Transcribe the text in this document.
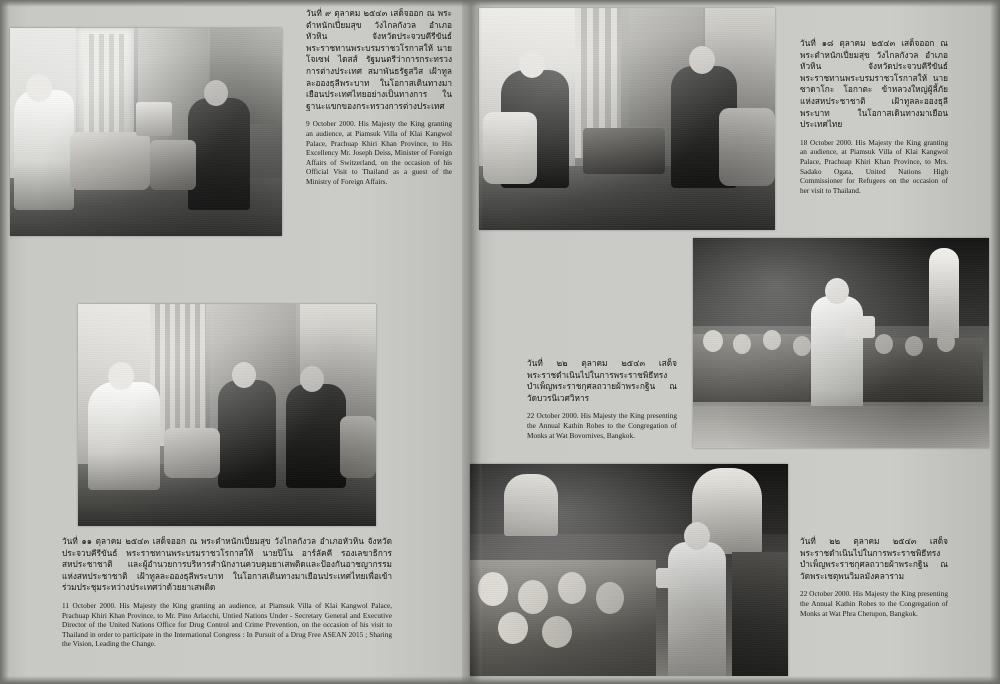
วันที่ ๙ ตุลาคม ๒๕๔๓ เสด็จออก ณ พระตำหนักเปี่ยมสุข วังไกลกังวล อำเภอหัวหิน จังหวัดประจวบคีรีขันธ์ พระราชทานพระบรมราชวโรกาสให้ นายโจเซฟ ไดสส์ รัฐมนตรีว่าการกระทรวงการต่างประเทศ สมาพันธรัฐสวิส เฝ้าทูลละอองธุลีพระบาท ในโอกาสเดินทางมาเยือนประเทศไทยอย่างเป็นทางการ ในฐานะแขกของกระทรวงการต่างประเทศ
9 October 2000. His Majesty the King granting an audience, at Piamsuk Villa of Klai Kangwol Palace, Prachuap Khiri Khan Province, to His Excellency Mr. Joseph Deiss, Minister of Foreign Affairs of Switzerland, on the occasion of his Official Visit to Thailand as a guest of the Ministry of Foreign Affairs.
วันที่ ๑๘ ตุลาคม ๒๕๔๓ เสด็จออก ณ พระตำหนักเปี่ยมสุข วังไกลกังวล อำเภอหัวหิน จังหวัดประจวบคีรีขันธ์ พระราชทานพระบรมราชวโรกาสให้ นายซาดาโกะ โอกาตะ ข้าหลวงใหญ่ผู้ลี้ภัยแห่งสหประชาชาติ เฝ้าทูลละอองธุลีพระบาท ในโอกาสเดินทางมาเยือนประเทศไทย
18 October 2000. His Majesty the King granting an audience, at Piamsuk Villa of Klai Kangwol Palace, Prachuap Khiri Khan Province, to Mrs. Sadako Ogata, United Nations High Commissioner for Refugees on the occasion of her visit to Thailand.
วันที่ ๑๑ ตุลาคม ๒๕๔๓ เสด็จออก ณ พระตำหนักเปี่ยมสุข วังไกลกังวล อำเภอหัวหิน จังหวัดประจวบคีรีขันธ์ พระราชทานพระบรมราชวโรกาสให้ นายปิโน อาร์ลัคคี รองเลขาธิการสหประชาชาติ และผู้อำนวยการบริหารสำนักงานควบคุมยาเสพติดและป้องกันอาชญากรรมแห่งสหประชาชาติ เฝ้าทูลละอองธุลีพระบาท ในโอกาสเดินทางมาเยือนประเทศไทยเพื่อเข้าร่วมประชุมระหว่างประเทศว่าด้วยยาเสพติด
11 October 2000. His Majesty the King granting an audience, at Piamsuk Villa of Klai Kangwol Palace, Prachuap Khiri Khan Province, to Mr. Pino Arlacchi, Untied Nations Under - Secretary General and Executive Director of the United Nations Office for Drug Control and Crime Prevention, on the occasion of his visit to Thailand in order to participate in the International Congress : In Pursuit of a Drug Free ASEAN 2015 ; Sharing the Vision, Leading the Change.
วันที่ ๒๒ ตุลาคม ๒๕๔๓ เสด็จพระราชดำเนินไปในการพระราชพิธีทรงบำเพ็ญพระราชกุศลถวายผ้าพระกฐิน ณ วัดบวรนิเวศวิหาร
22 October 2000. His Majesty the King presenting the Annual Kathin Robes to the Congregation of Monks at Wat Bovornives, Bangkok.
วันที่ ๒๒ ตุลาคม ๒๕๔๓ เสด็จพระราชดำเนินไปในการพระราชพิธีทรงบำเพ็ญพระราชกุศลถวายผ้าพระกฐิน ณ วัดพระเชตุพนวิมลมังคลาราม
22 October 2000. His Majesty the King presenting the Annual Kathin Robes to the Congregation of Monks at Wat Phra Chetupon, Bangkok.
